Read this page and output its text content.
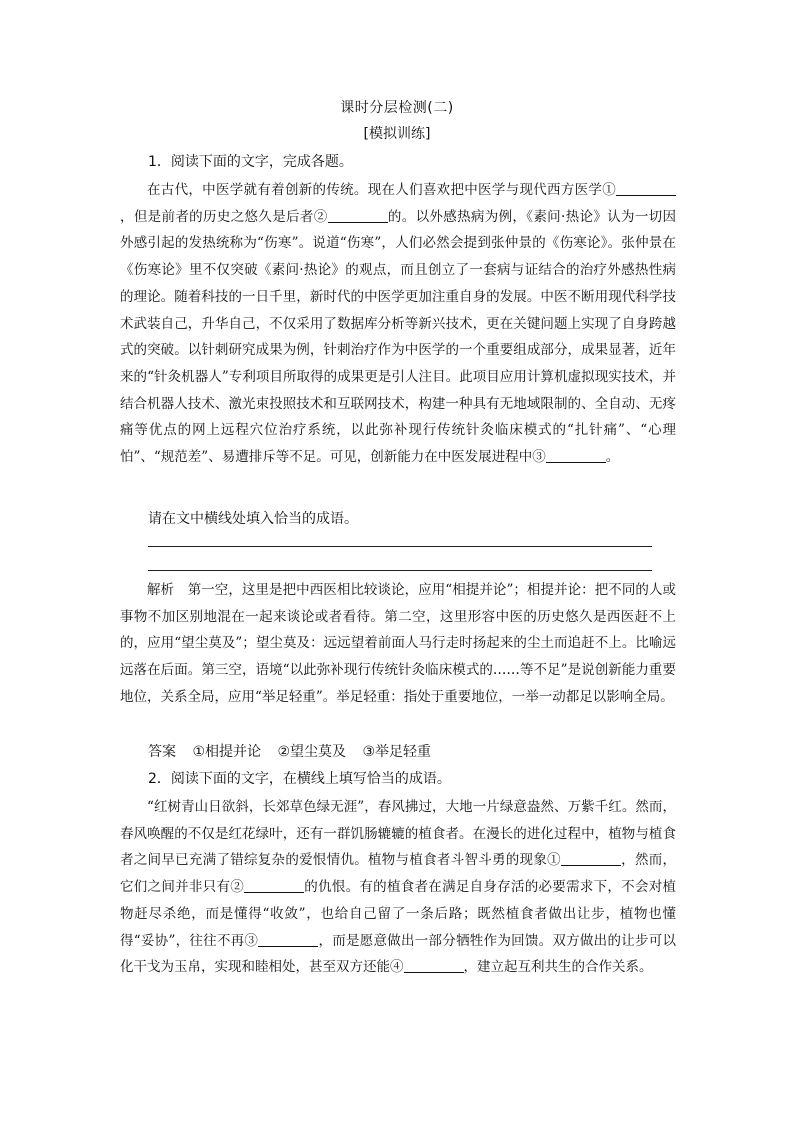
课时分层检测(二)
[模拟训练]
1．阅读下面的文字，完成各题。

在古代，中医学就有着创新的传统。现在人们喜欢把中医学与现代西方医学①，但是前者的历史之悠久是后者②	的。以外感热病为例，《素问·热论》认为一切因外感引起的发热统称为“伤寒”。说道“伤寒”，人们必然会提到张仲景的《伤寒论》。张仲景在《伤寒论》里不仅突破《素问·热论》的观点，而且创立了一套病与证结合的治疗外感热性病的理论。随着科技的一日千里，新时代的中医学更加注重自身的发展。中医不断用现代科学技术武装自己，升华自己，不仅采用了数据库分析等新兴技术，更在关键问题上实现了自身跨越式的突破。以针刺研究成果为例，针刺治疗作为中医学的一个重要组成部分，成果显著，近年来的“针灸机器人”专利项目所取得的成果更是引人注目。此项目应用计算机虚拟现实技术，并结合机器人技术、激光束投照技术和互联网技术，构建一种具有无地域限制的、全自动、无疼痛等优点的网上远程穴位治疗系统，以此弥补现行传统针灸临床模式的“扎针痛”、“心理怕”、“规范差”、易遭排斥等不足。可见，创新能力在中医发展进程中③	。

请在文中横线处填入恰当的成语。

解析　 第一空，这里是把中西医相比较谈论，应用“相提并论”；相提并论：把不同的人或事物不加区别地混在一起来谈论或者看待。第二空，这里形容中医的历史悠久是西医赶不上的，应用“望尘莫及”；望尘莫及：远远望着前面人马行走时扬起来的尘土而追赶不上。比喻远远落在后面。第三空，语境“以此弥补现行传统针灸临床模式的……等不足”是说创新能力重要地位，关系全局，应用“举足轻重”。举足轻重：指处于重要地位，一举一动都足以影响全局。

答案 ①相提并论 ②望尘莫及 ③举足轻重
2．阅读下面的文字，在横线上填写恰当的成语。

“红树青山日欲斜，长郊草色绿无涯”，春风拂过，大地一片绿意盎然、万紫千红。然而，春风唤醒的不仅是红花绿叶，还有一群饥肠辘辘的植食者。在漫长的进化过程中，植物与植食者之间早已充满了错综复杂的爱恨情仇。植物与植食者斗智斗勇的现象①	，然而，它们之间并非只有②	的仇恨。有的植食者在满足自身存活的必要需求下，不会对植物赶尽杀绝，而是懂得“收敛”，也给自己留了一条后路；既然植食者做出让步，植物也懂得“妥协”，往往不再③	，而是愿意做出一部分牺牲作为回馈。双方做出的让步可以化干戈为玉帛，实现和睦相处，甚至双方还能④	，建立起互利共生的合作关系。
